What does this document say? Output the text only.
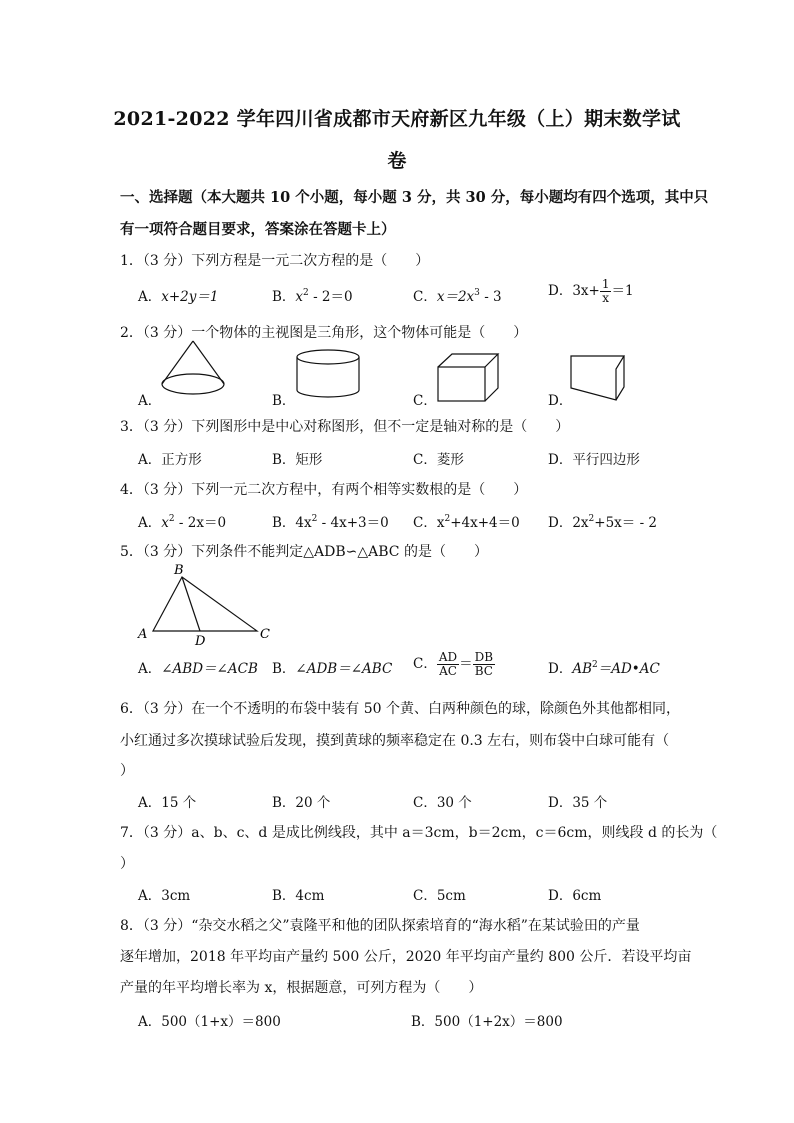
2021-2022 学年四川省成都市天府新区九年级（上）期末数学试
卷
一、选择题（本大题共 10 个小题，每小题 3 分，共 30 分，每小题均有四个选项，其中只
有一项符合题目要求，答案涂在答题卡上）
1．（3 分）下列方程是一元二次方程的是（　　）
A．x+2y＝1	B．$x^2 - 2=0$	C．$x=2x^3 - 3$	D．$3x+ \frac{1}{x} =1$
2．（3 分）一个物体的主视图是三角形，这个物体可能是（　　）
A．	B．	C．	D．
3．（3 分）下列图形中是中心对称图形，但不一定是轴对称的是（　　）
A．正方形	B．矩形	C．菱形	D．平行四边形
4．（3 分）下列一元二次方程中，有两个相等实数根的是（　　）
A．$x^2 - 2x=0$	B．$4x^2 - 4x+3=0$ C．$x^2+4x+4=0$ D．$2x^2+5x= - 2$
5．（3 分）下列条件不能判定△ADB∽△ABC 的是（　　）
B
A	D	C
A．∠ABD＝∠ACB B．∠ADB＝∠ABC C． $\frac{AD}{AC} = \frac{DB}{BC}$	D．$AB^2=AD•AC$
6．（3 分）在一个不透明的布袋中装有 50 个黄、白两种颜色的球，除颜色外其他都相同，
小红通过多次摸球试验后发现，摸到黄球的频率稳定在 0.3 左右，则布袋中白球可能有（
）
A．15 个	B．20 个	C．30 个	D．35 个
7．（3 分）a、b、c、d 是成比例线段，其中 a＝3cm，b＝2cm，c＝6cm，则线段 d 的长为（
）
A．3cm	B．4cm	C．5cm	D．6cm
8．（3 分）“杂交水稻之父”袁隆平和他的团队探索培育的“海水稻”在某试验田的产量
逐年增加，2018 年平均亩产量约 500 公斤，2020 年平均亩产量约 800 公斤．若设平均亩
产量的年平均增长率为 x，根据题意，可列方程为（　　）
A．500（1+x）＝800	B．500（1+2x）＝800
